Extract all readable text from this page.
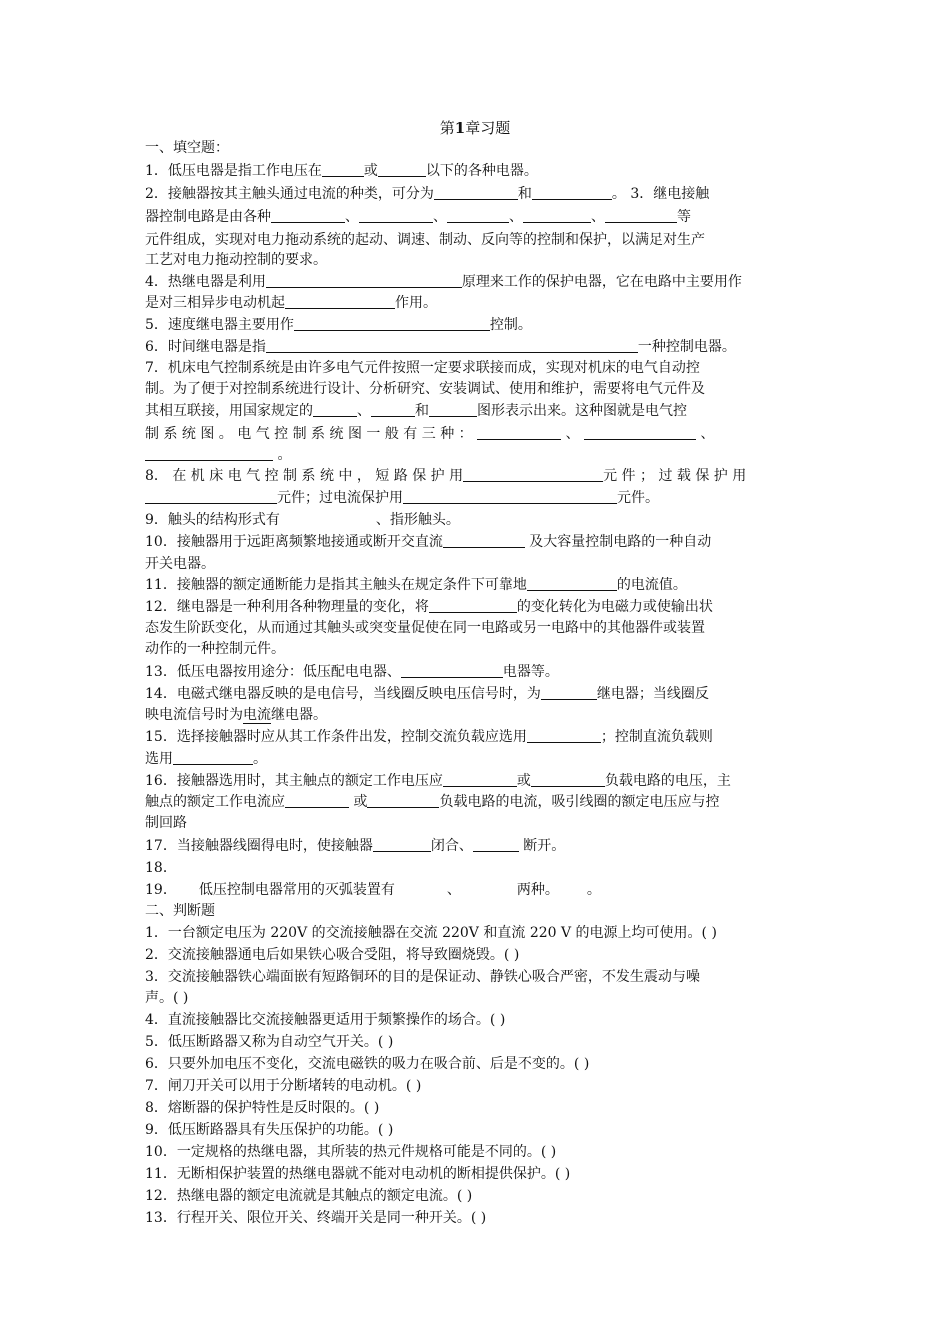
第1章习题
一、填空题：
1．低压电器是指工作电压在	或	以下的各种电器。
2．接触器按其主触头通过电流的种类，可分为	和	。 3．继电接触
器控制电路是由各种	、	、	、	、	等
元件组成，实现对电力拖动系统的起动、调速、制动、反向等的控制和保护，以满足对生产
工艺对电力拖动控制的要求。
4．热继电器是利用	原理来工作的保护电器，它在电路中主要用作
是对三相异步电动机起	作用。
5．速度继电器主要用作	控制。
6．时间继电器是指	一种控制电器。
7．机床电气控制系统是由许多电气元件按照一定要求联接而成，实现对机床的电气自动控
制。为了便于对控制系统进行设计、分析研究、安装调试、使用和维护，需要将电气元件及
其相互联接，用国家规定的	、	和	图形表示出来。这种图就是电气控
制 系 统 图 。 电 气 控 制 系 统 图 一 般 有 三 种 ：	、	、
。
8． 在 机 床 电 气 控 制 系 统 中 ， 短 路 保 护 用	元 件 ； 过 载 保 护 用
元件；过电流保护用	元件。
9．触头的结构形式有	、指形触头。
10．接触器用于远距离频繁地接通或断开交直流	及大容量控制电路的一种自动
开关电器。
11．接触器的额定通断能力是指其主触头在规定条件下可靠地	的电流值。
12．继电器是一种利用各种物理量的变化，将	的变化转化为电磁力或使输出状
态发生阶跃变化，从而通过其触头或突变量促使在同一电路或另一电路中的其他器件或装置
动作的一种控制元件。
13．低压电器按用途分：低压配电电器、	电器等。
14．电磁式继电器反映的是电信号，当线圈反映电压信号时，为	继电器；当线圈反
映电流信号时为电流继电器。
15．选择接触器时应从其工作条件出发，控制交流负载应选用	；控制直流负载则
选用	。
16．接触器选用时，其主触点的额定工作电压应	或	负载电路的电压，主
触点的额定工作电流应	或	负载电路的电流，吸引线圈的额定电压应与控
制回路
17．当接触器线圈得电时，使接触器	闭合、	断开。
18．
19． 低压控制电器常用的灭弧装置有	、	两种。 。
二、判断题
1．一台额定电压为 220V 的交流接触器在交流 220V 和直流 220 V 的电源上均可使用。( )
2．交流接触器通电后如果铁心吸合受阻，将导致圈烧毁。( )
3．交流接触器铁心端面嵌有短路铜环的目的是保证动、静铁心吸合严密，不发生震动与噪
声。( )
4．直流接触器比交流接触器更适用于频繁操作的场合。( )
5．低压断路器又称为自动空气开关。( )
6．只要外加电压不变化，交流电磁铁的吸力在吸合前、后是不变的。( )
7．闸刀开关可以用于分断堵转的电动机。( )
8．熔断器的保护特性是反时限的。( )
9．低压断路器具有失压保护的功能。( )
10．一定规格的热继电器，其所装的热元件规格可能是不同的。( )
11．无断相保护装置的热继电器就不能对电动机的断相提供保护。( )
12．热继电器的额定电流就是其触点的额定电流。( )
13．行程开关、限位开关、终端开关是同一种开关。( )
